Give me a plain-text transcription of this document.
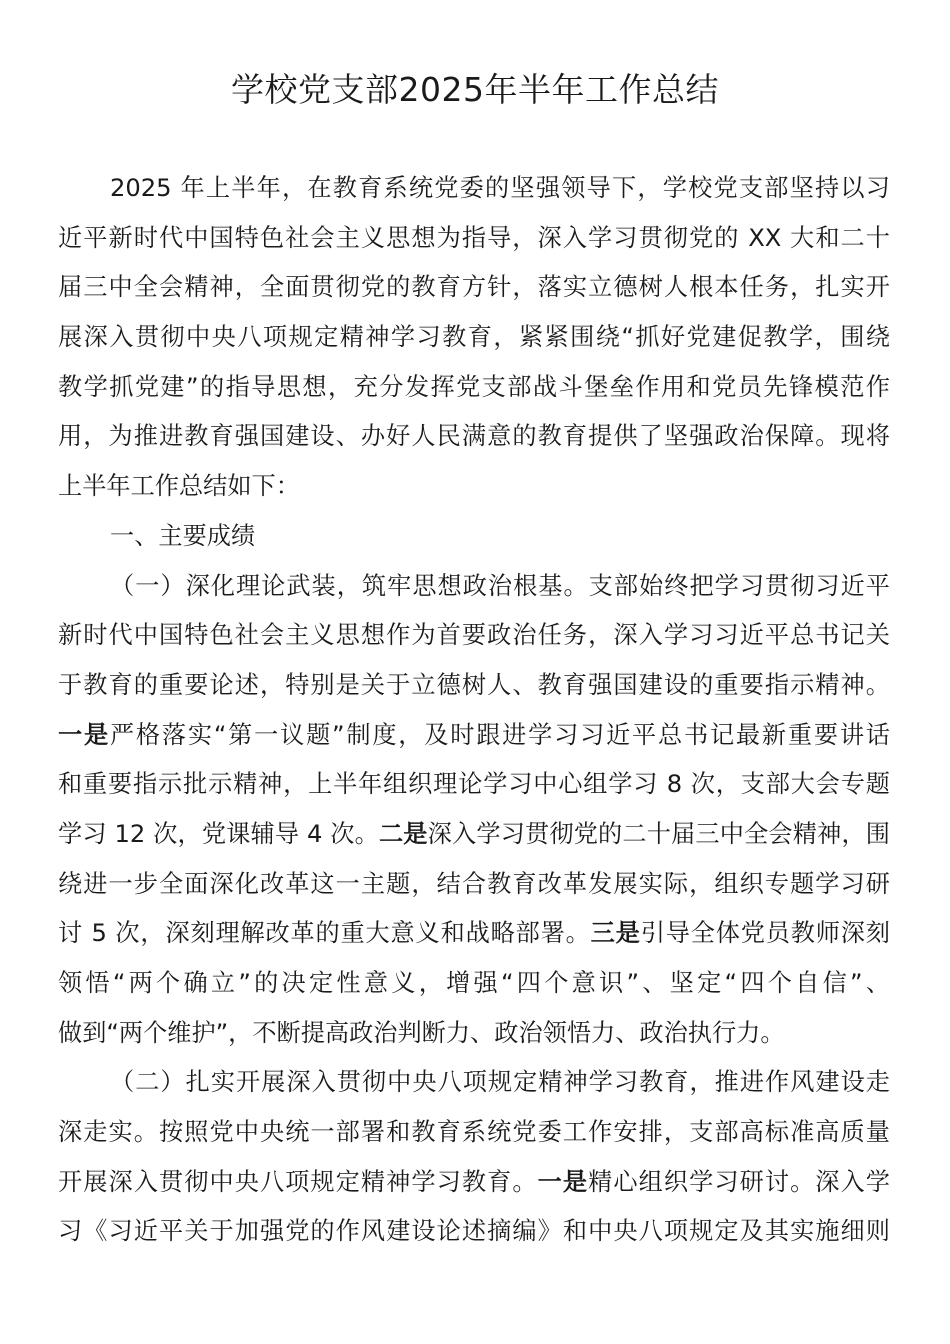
学校党支部2025年半年工作总结
2025 年上半年，在教育系统党委的坚强领导下，学校党支部坚持以习
近平新时代中国特色社会主义思想为指导，深入学习贯彻党的 XX 大和二十
届三中全会精神，全面贯彻党的教育方针，落实立德树人根本任务，扎实开
展深入贯彻中央八项规定精神学习教育，紧紧围绕“抓好党建促教学，围绕
教学抓党建”的指导思想，充分发挥党支部战斗堡垒作用和党员先锋模范作
用，为推进教育强国建设、办好人民满意的教育提供了坚强政治保障。现将
上半年工作总结如下：
一、主要成绩
（一）深化理论武装，筑牢思想政治根基。支部始终把学习贯彻习近平
新时代中国特色社会主义思想作为首要政治任务，深入学习习近平总书记关
于教育的重要论述，特别是关于立德树人、教育强国建设的重要指示精神。
一是严格落实“第一议题”制度，及时跟进学习习近平总书记最新重要讲话
和重要指示批示精神，上半年组织理论学习中心组学习 8 次，支部大会专题
学习 12 次，党课辅导 4 次。二是深入学习贯彻党的二十届三中全会精神，围
绕进一步全面深化改革这一主题，结合教育改革发展实际，组织专题学习研
讨 5 次，深刻理解改革的重大意义和战略部署。三是引导全体党员教师深刻
领悟“两个确立”的决定性意义，增强“四个意识”、坚定“四个自信”、
做到“两个维护”，不断提高政治判断力、政治领悟力、政治执行力。
（二）扎实开展深入贯彻中央八项规定精神学习教育，推进作风建设走
深走实。按照党中央统一部署和教育系统党委工作安排，支部高标准高质量
开展深入贯彻中央八项规定精神学习教育。一是精心组织学习研讨。深入学
习《习近平关于加强党的作风建设论述摘编》和中央八项规定及其实施细则
